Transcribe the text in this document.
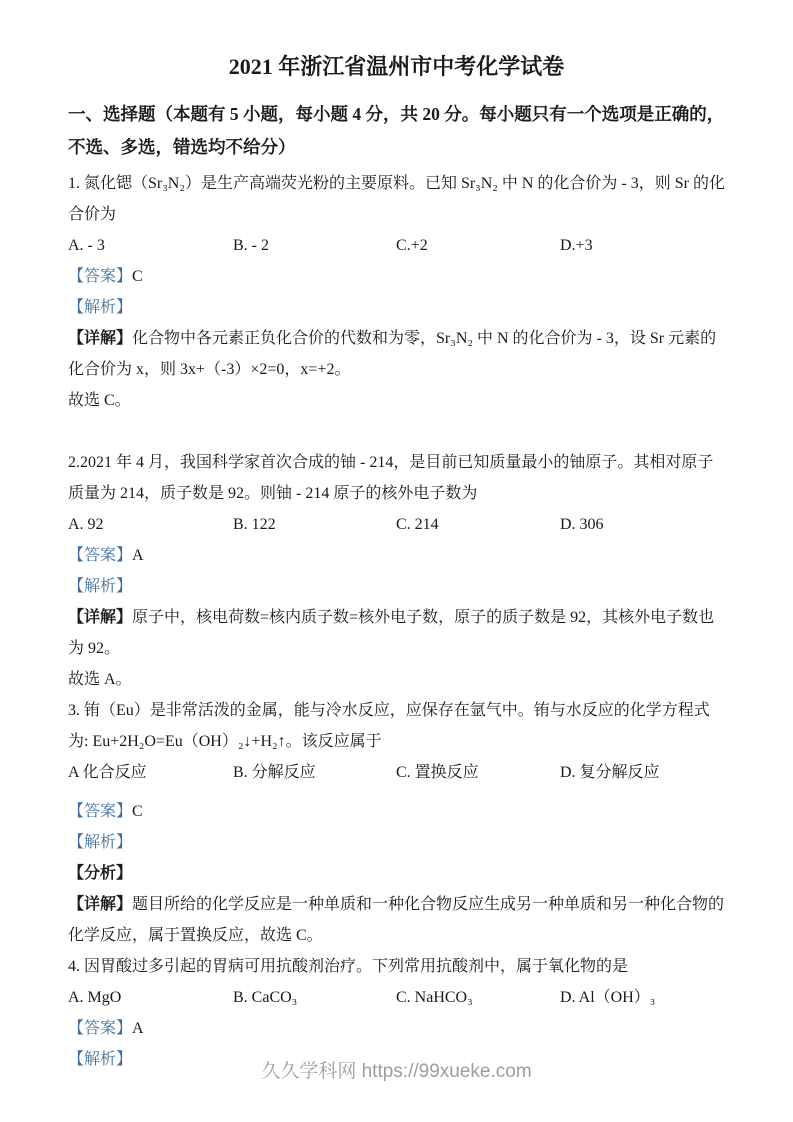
2021 年浙江省温州市中考化学试卷

一、选择题（本题有 5 小题，每小题 4 分，共 20 分。每小题只有一个选项是正确的，不选、多选，错选均不给分）

1. 氮化锶（Sr₃N₂）是生产高端荧光粉的主要原料。已知 Sr₃N₂ 中 N 的化合价为 - 3，则 Sr 的化合价为

A. - 3	B. - 2	C.+2	D.+3

【答案】C

【解析】

【详解】化合物中各元素正负化合价的代数和为零，Sr₃N₂ 中 N 的化合价为 - 3，设 Sr 元素的化合价为 x，则 3x+（-3）×2=0，x=+2。

故选 C。

2.2021 年 4 月，我国科学家首次合成的铀 - 214，是目前已知质量最小的铀原子。其相对原子质量为 214，质子数是 92。则铀 - 214 原子的核外电子数为

A. 92	B. 122	C. 214	D. 306

【答案】A

【解析】

【详解】原子中，核电荷数=核内质子数=核外电子数，原子的质子数是 92，其核外电子数也为 92。

故选 A。

3. 铕（Eu）是非常活泼的金属，能与冷水反应，应保存在氩气中。铕与水反应的化学方程式为: Eu+2H₂O=Eu（OH）₂↓+H₂↑。该反应属于

A 化合反应	B. 分解反应	C. 置换反应	D. 复分解反应

【答案】C

【解析】

【分析】

【详解】题目所给的化学反应是一种单质和一种化合物反应生成另一种单质和另一种化合物的化学反应，属于置换反应，故选 C。

4. 因胃酸过多引起的胃病可用抗酸剂治疗。下列常用抗酸剂中，属于氧化物的是

A. MgO	B. CaCO₃	C. NaHCO₃	D. Al（OH）₃

【答案】A

【解析】

久久学科网 https://99xueke.com
